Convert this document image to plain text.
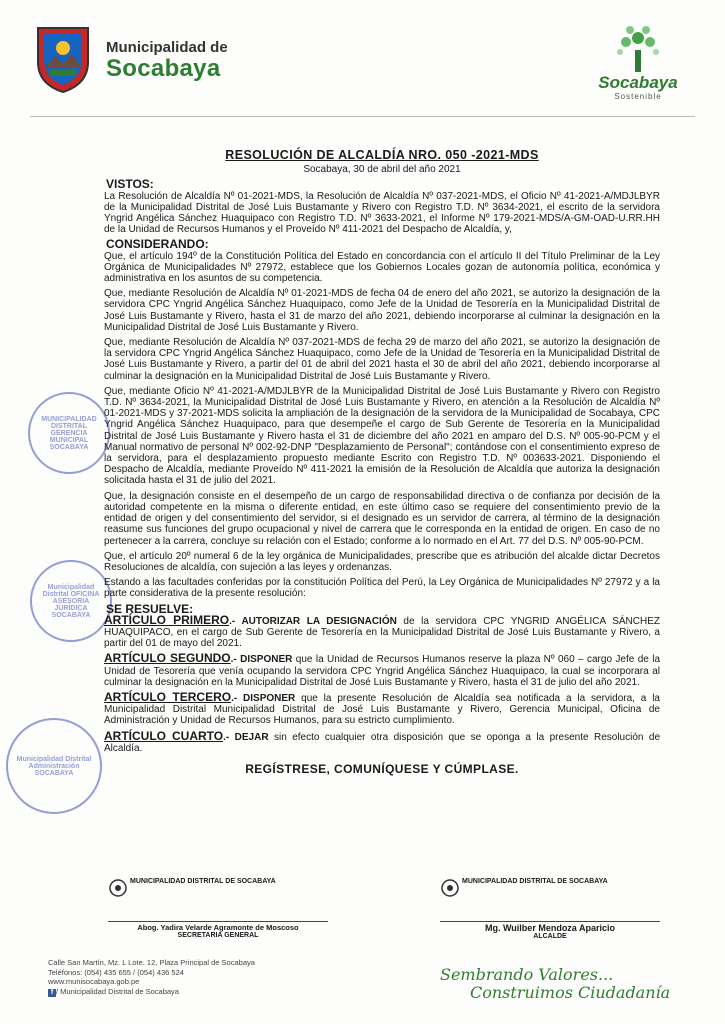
Municipalidad de
Socabaya
Socabaya
Sostenible
MUNICIPALIDAD DISTRITAL GERENCIA MUNICIPAL SOCABAYA
Municipalidad Distrital OFICINA ASESORÍA JURÍDICA SOCABAYA
Municipalidad Distrital Administración SOCABAYA
RESOLUCIÓN DE ALCALDÍA NRO. 050 -2021-MDS
Socabaya, 30 de abril del año 2021
VISTOS:

La Resolución de Alcaldía Nº 01-2021-MDS, la Resolución de Alcaldía Nº 037-2021-MDS, el Oficio Nº 41-2021-A/MDJLBYR de la Municipalidad Distrital de José Luis Bustamante y Rivero con Registro T.D. Nº 3634-2021, el escrito de la servidora Yngrid Angélica Sánchez Huaquipaco con Registro T.D. Nº 3633-2021, el Informe Nº 179-2021-MDS/A-GM-OAD-U.RR.HH de la Unidad de Recursos Humanos y el Proveído Nº 411-2021 del Despacho de Alcaldía, y,

CONSIDERANDO:

Que, el artículo 194º de la Constitución Política del Estado en concordancia con el artículo II del Título Preliminar de la Ley Orgánica de Municipalidades Nº 27972, establece que los Gobiernos Locales gozan de autonomía política, económica y administrativa en los asuntos de su competencia.

Que, mediante Resolución de Alcaldía Nº 01-2021-MDS de fecha 04 de enero del año 2021, se autorizo la designación de la servidora CPC Yngrid Angélica Sánchez Huaquipaco, como Jefe de la Unidad de Tesorería en la Municipalidad Distrital de José Luis Bustamante y Rivero, hasta el 31 de marzo del año 2021, debiendo incorporarse al culminar la designación en la Municipalidad Distrital de José Luis Bustamante y Rivero.

Que, mediante Resolución de Alcaldía Nº 037-2021-MDS de fecha 29 de marzo del año 2021, se autorizo la designación de la servidora CPC Yngrid Angélica Sánchez Huaquipaco, como Jefe de la Unidad de Tesorería en la Municipalidad Distrital de José Luis Bustamante y Rivero, a partir del 01 de abril del 2021 hasta el 30 de abril del año 2021, debiendo incorporarse al culminar la designación en la Municipalidad Distrital de José Luis Bustamante y Rivero.

Que, mediante Oficio Nº 41-2021-A/MDJLBYR de la Municipalidad Distrital de José Luis Bustamante y Rivero con Registro T.D. Nº 3634-2021, la Municipalidad Distrital de José Luis Bustamante y Rivero, en atención a la Resolución de Alcaldía Nº 01-2021-MDS y 37-2021-MDS solicita la ampliación de la designación de la servidora de la Municipalidad de Socabaya, CPC Yngrid Angélica Sánchez Huaquipaco, para que desempeñe el cargo de Sub Gerente de Tesorería en la Municipalidad Distrital de José Luis Bustamante y Rivero hasta el 31 de diciembre del año 2021 en amparo del D.S. Nº 005-90-PCM y el Manual normativo de personal Nº 002-92-DNP "Desplazamiento de Personal"; contándose con el consentimiento expreso de la servidora, para el desplazamiento propuesto mediante Escrito con Registro T.D. Nº 003633-2021. Disponiendo el Despacho de Alcaldía, mediante Proveído Nº 411-2021 la emisión de la Resolución de Alcaldía que autoriza la designación solicitada hasta el 31 de julio del 2021.

Que, la designación consiste en el desempeño de un cargo de responsabilidad directiva o de confianza por decisión de la autoridad competente en la misma o diferente entidad, en este último caso se requiere del consentimiento previo de la entidad de origen y del consentimiento del servidor, si el designado es un servidor de carrera, al término de la designación reasume sus funciones del grupo ocupacional y nivel de carrera que le corresponda en la entidad de origen. En caso de no pertenecer a la carrera, concluye su relación con el Estado; conforme a lo normado en el Art. 77 del D.S. Nº 005-90-PCM.

Que, el artículo 20º numeral 6 de la ley orgánica de Municipalidades, prescribe que es atribución del alcalde dictar Decretos Resoluciones de alcaldía, con sujeción a las leyes y ordenanzas.

Estando a las facultades conferidas por la constitución Política del Perú, la Ley Orgánica de Municipalidades Nº 27972 y a la parte considerativa de la presente resolución:

SE RESUELVE:

ARTÍCULO PRIMERO.- AUTORIZAR LA DESIGNACIÓN de la servidora CPC YNGRID ANGÉLICA SÁNCHEZ HUAQUIPACO, en el cargo de Sub Gerente de Tesorería en la Municipalidad Distrital de José Luis Bustamante y Rivero, a partir del 01 de mayo del 2021.

ARTÍCULO SEGUNDO.- DISPONER que la Unidad de Recursos Humanos reserve la plaza Nº 060 – cargo Jefe de la Unidad de Tesorería que venía ocupando la servidora CPC Yngrid Angélica Sánchez Huaquipaco, la cual se incorporara al culminar la designación en la Municipalidad Distrital de José Luis Bustamante y Rivero, hasta el 31 de julio del año 2021.

ARTÍCULO TERCERO.- DISPONER que la presente Resolución de Alcaldía sea notificada a la servidora, a la Municipalidad Distrital Municipalidad Distrital de José Luis Bustamante y Rivero, Gerencia Municipal, Oficina de Administración y Unidad de Recursos Humanos, para su estricto cumplimiento.

ARTÍCULO CUARTO.- DEJAR sin efecto cualquier otra disposición que se oponga a la presente Resolución de Alcaldía.

REGÍSTRESE, COMUNÍQUESE Y CÚMPLASE.
MUNICIPALIDAD DISTRITAL DE SOCABAYA
Abog. Yadira Velarde Agramonte de Moscoso
SECRETARIA GENERAL
MUNICIPALIDAD DISTRITAL DE SOCABAYA
Mg. Wuilber Mendoza Aparicio
ALCALDE
Calle San Martín, Mz. L Lote. 12, Plaza Principal de Socabaya
Teléfonos: (054) 435 655 / (054) 436 524
www.munisocabaya.gob.pe
f / Municipalidad Distrital de Socabaya
Sembrando Valores...
Construimos Ciudadanía
